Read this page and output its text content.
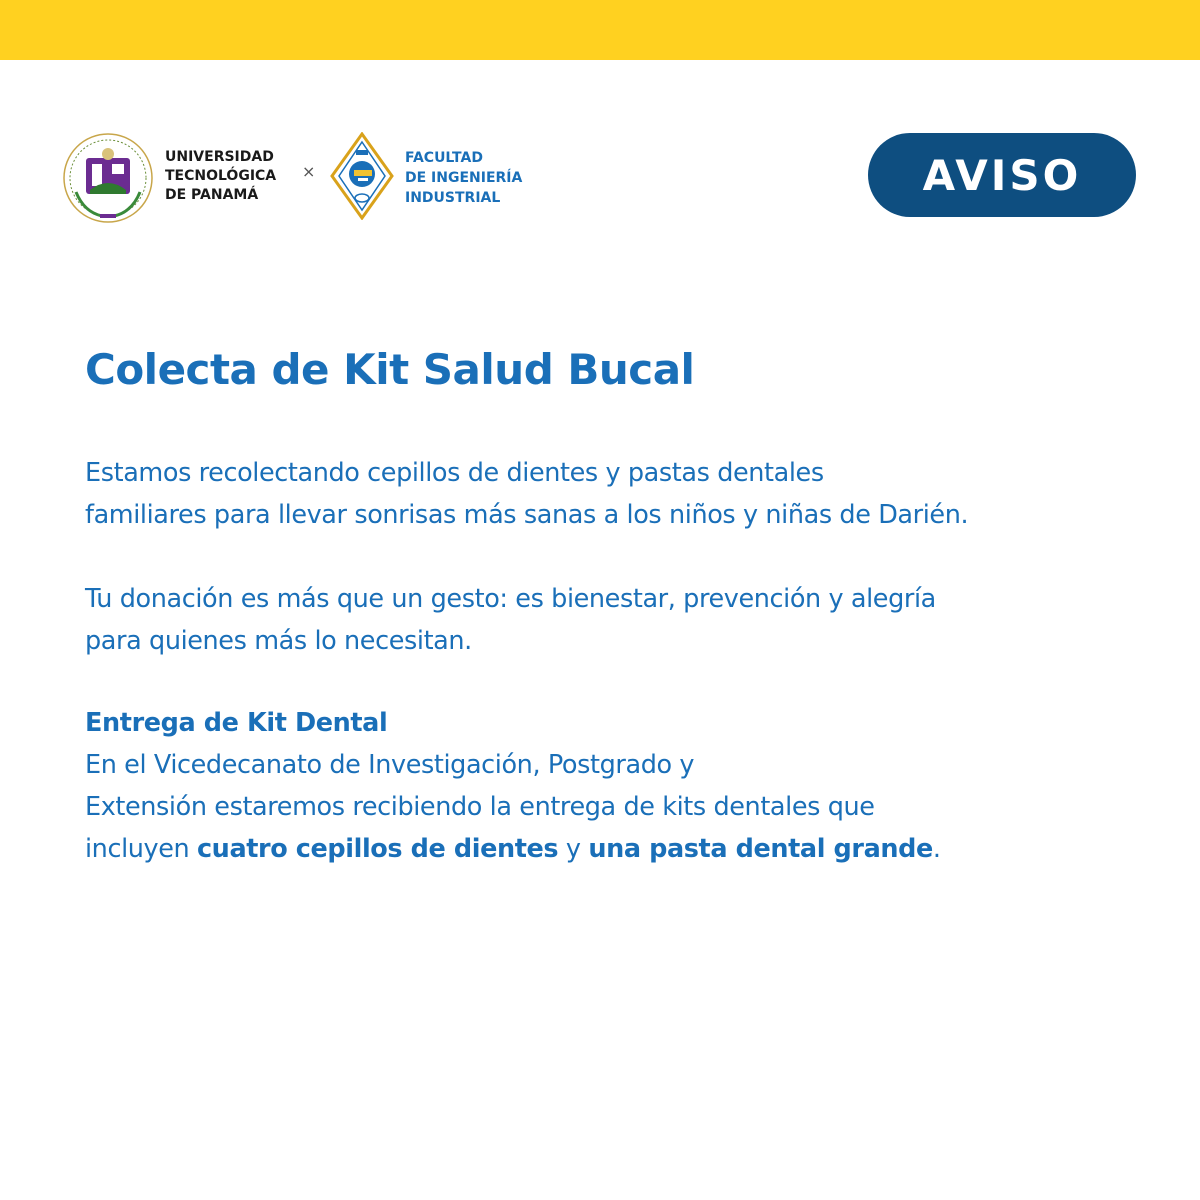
UNIVERSIDAD
TECNOLÓGICA
DE PANAMÁ
×
FACULTAD
DE INGENIERÍA
INDUSTRIAL	AVISO
Colecta de Kit Salud Bucal

Estamos recolectando cepillos de dientes y pastas dentales
familiares para llevar sonrisas más sanas a los niños y niñas de Darién.

Tu donación es más que un gesto: es bienestar, prevención y alegría
para quienes más lo necesitan.

Entrega de Kit Dental
En el Vicedecanato de Investigación, Postgrado y
Extensión estaremos recibiendo la entrega de kits dentales que
incluyen cuatro cepillos de dientes y una pasta dental grande.
